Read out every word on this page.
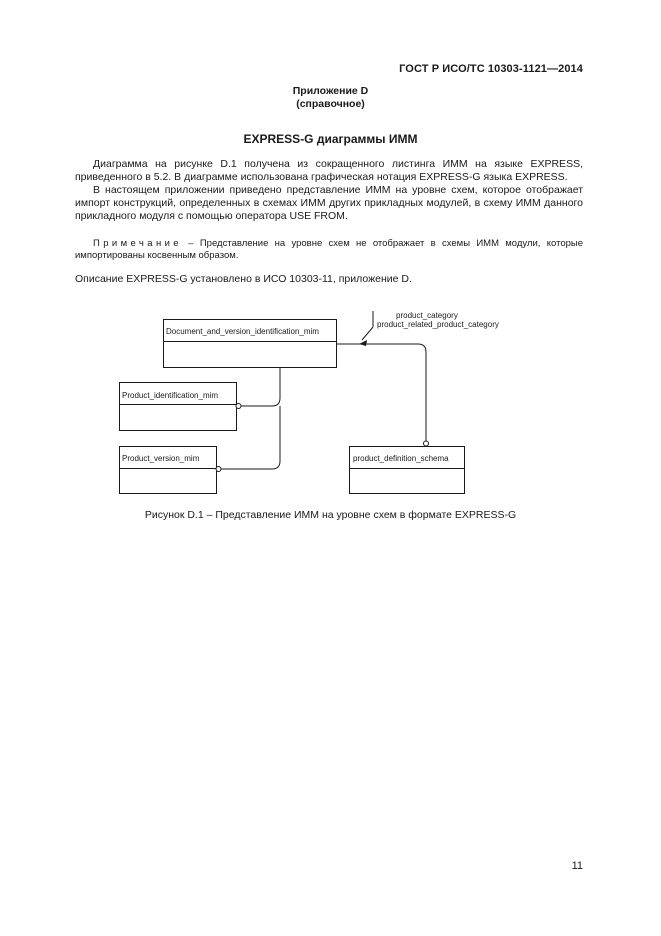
ГОСТ Р ИСО/ТС 10303-1121—2014
Приложение D
(справочное)
EXPRESS-G диаграммы ИММ

Диаграмма на рисунке D.1 получена из сокращенного листинга ИММ на языке EXPRESS, приведенного в 5.2. В диаграмме использована графическая нотация EXPRESS-G языка EXPRESS.

В настоящем приложении приведено представление ИММ на уровне схем, которое отображает импорт конструкций, определенных в схемах ИММ других прикладных модулей, в схему ИММ данного прикладного модуля с помощью оператора USE FROM.

Примечание – Представление на уровне схем не отображает в схемы ИММ модули, которые импортированы косвенным образом.
Описание EXPRESS-G установлено в ИСО 10303-11, приложение D.
Document_and_version_identification_mim
Product_identification_mim
Product_version_mim	product_definition_schema
product_category
product_related_product_category
Рисунок D.1 – Представление ИММ на уровне схем в формате EXPRESS-G
11
